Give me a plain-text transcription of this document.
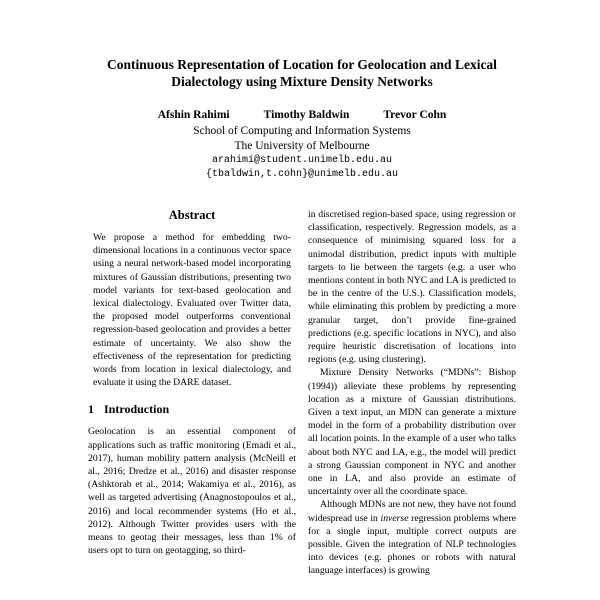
Continuous Representation of Location for Geolocation and Lexical Dialectology using Mixture Density Networks
Afshin Rahimi	Timothy Baldwin	Trevor Cohn
School of Computing and Information Systems
The University of Melbourne
arahimi@student.unimelb.edu.au
{tbaldwin,t.cohn}@unimelb.edu.au
Abstract

We propose a method for embedding two-dimensional locations in a continuous vector space using a neural network-based model incorporating mixtures of Gaussian distributions, presenting two model variants for text-based geolocation and lexical dialectology. Evaluated over Twitter data, the proposed model outperforms conventional regression-based geolocation and provides a better estimate of uncertainty. We also show the effectiveness of the representation for predicting words from location in lexical dialectology, and evaluate it using the DARE dataset.

1 Introduction

Geolocation is an essential component of applications such as traffic monitoring (Emadi et al., 2017), human mobility pattern analysis (McNeill et al., 2016; Dredze et al., 2016) and disaster response (Ashktorab et al., 2014; Wakamiya et al., 2016), as well as targeted advertising (Anagnostopoulos et al., 2016) and local recommender systems (Ho et al., 2012). Although Twitter provides users with the means to geotag their messages, less than 1% of users opt to turn on geotagging, so third-

in discretised region-based space, using regression or classification, respectively. Regression models, as a consequence of minimising squared loss for a unimodal distribution, predict inputs with multiple targets to lie between the targets (e.g. a user who mentions content in both NYC and LA is predicted to be in the centre of the U.S.). Classification models, while eliminating this problem by predicting a more granular target, don’t provide fine-grained predictions (e.g. specific locations in NYC), and also require heuristic discretisation of locations into regions (e.g. using clustering).

Mixture Density Networks (“MDNs”: Bishop (1994)) alleviate these problems by representing location as a mixture of Gaussian distributions. Given a text input, an MDN can generate a mixture model in the form of a probability distribution over all location points. In the example of a user who talks about both NYC and LA, e.g., the model will predict a strong Gaussian component in NYC and another one in LA, and also provide an estimate of uncertainty over all the coordinate space.

Although MDNs are not new, they have not found widespread use in inverse regression problems where for a single input, multiple correct outputs are possible. Given the integration of NLP technologies into devices (e.g. phones or robots with natural language interfaces) is growing
